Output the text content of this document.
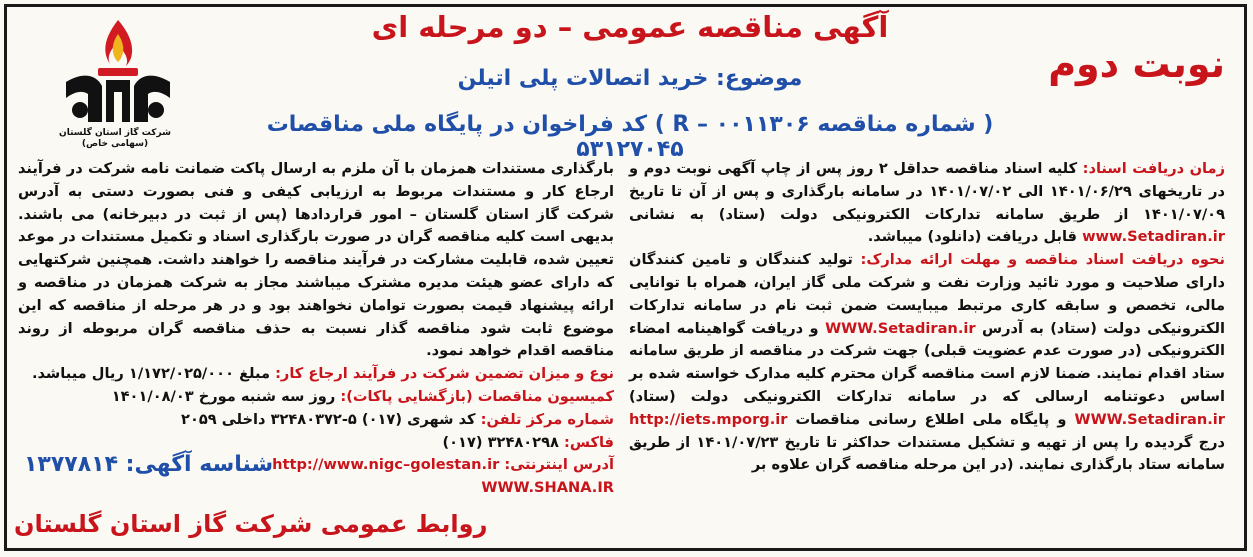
شرکت گاز استان گلستان
(سهامی خاص)
نوبت دوم
آگهی مناقصه عمومی – دو مرحله ای
موضوع: خرید اتصالات پلی اتیلن
( شماره مناقصه R – ۰۰۱۱۳۰۶ ) کد فراخوان در پایگاه ملی مناقصات ۵۳۱۲۷۰۴۵

زمان دریافت اسناد: کلیه اسناد مناقصه حداقل ۲ روز پس از چاپ آگهی نوبت دوم و در تاریخهای ۱۴۰۱/۰۶/۲۹ الی ۱۴۰۱/۰۷/۰۲ در سامانه بارگذاری و پس از آن تا تاریخ ۱۴۰۱/۰۷/۰۹ از طریق سامانه تدارکات الکترونیکی دولت (ستاد) به نشانی www.Setadiran.ir قابل دریافت (دانلود) میباشد.

نحوه دریافت اسناد مناقصه و مهلت ارائه مدارک: تولید کنندگان و تامین کنندگان دارای صلاحیت و مورد تائید وزارت نفت و شرکت ملی گاز ایران، همراه با توانایی مالی، تخصص و سابقه کاری مرتبط میبایست ضمن ثبت نام در سامانه تدارکات الکترونیکی دولت (ستاد) به آدرس WWW.Setadiran.ir و دریافت گواهینامه امضاء الکترونیکی (در صورت عدم عضویت قبلی) جهت شرکت در مناقصه از طریق سامانه ستاد اقدام نمایند. ضمنا لازم است مناقصه گران محترم کلیه مدارک خواسته شده بر اساس دعوتنامه ارسالی که در سامانه تدارکات الکترونیکی دولت (ستاد) WWW.Setadiran.ir و پایگاه ملی اطلاع رسانی مناقصات http://iets.mporg.ir درج گردیده را پس از تهیه و تشکیل مستندات حداکثر تا تاریخ ۱۴۰۱/۰۷/۲۳ از طریق سامانه ستاد بارگذاری نمایند. (در این مرحله مناقصه گران علاوه بر

بارگذاری مستندات همزمان با آن ملزم به ارسال پاکت ضمانت نامه شرکت در فرآیند ارجاع کار و مستندات مربوط به ارزیابی کیفی و فنی بصورت دستی به آدرس شرکت گاز استان گلستان – امور قراردادها (پس از ثبت در دبیرخانه) می باشند. بدیهی است کلیه مناقصه گران در صورت بارگذاری اسناد و تکمیل مستندات در موعد تعیین شده، قابلیت مشارکت در فرآیند مناقصه را خواهند داشت. همچنین شرکتهایی که دارای عضو هیئت مدیره مشترک میباشند مجاز به شرکت همزمان در مناقصه و ارائه پیشنهاد قیمت بصورت توامان نخواهند بود و در هر مرحله از مناقصه که این موضوع ثابت شود مناقصه گذار نسبت به حذف مناقصه گران مربوطه از روند مناقصه اقدام خواهد نمود.

نوع و میزان تضمین شرکت در فرآیند ارجاع کار: مبلغ ۱/۱۷۲/۰۲۵/۰۰۰ ریال میباشد.

کمیسیون مناقصات (بازگشایی پاکات): روز سه شنبه مورخ ۱۴۰۱/۰۸/۰۳

شماره مرکز تلفن: کد شهری (۰۱۷) ۵-۳۲۴۸۰۳۷۲ داخلی ۲۰۵۹

فاکس: ۳۲۴۸۰۲۹۸ (۰۱۷)

آدرس اینترنتی: http://www.nigc–golestan.ir

WWW.SHANA.IR

شناسه آگهی: ۱۳۷۷۸۱۴
روابط عمومی شرکت گاز استان گلستان
